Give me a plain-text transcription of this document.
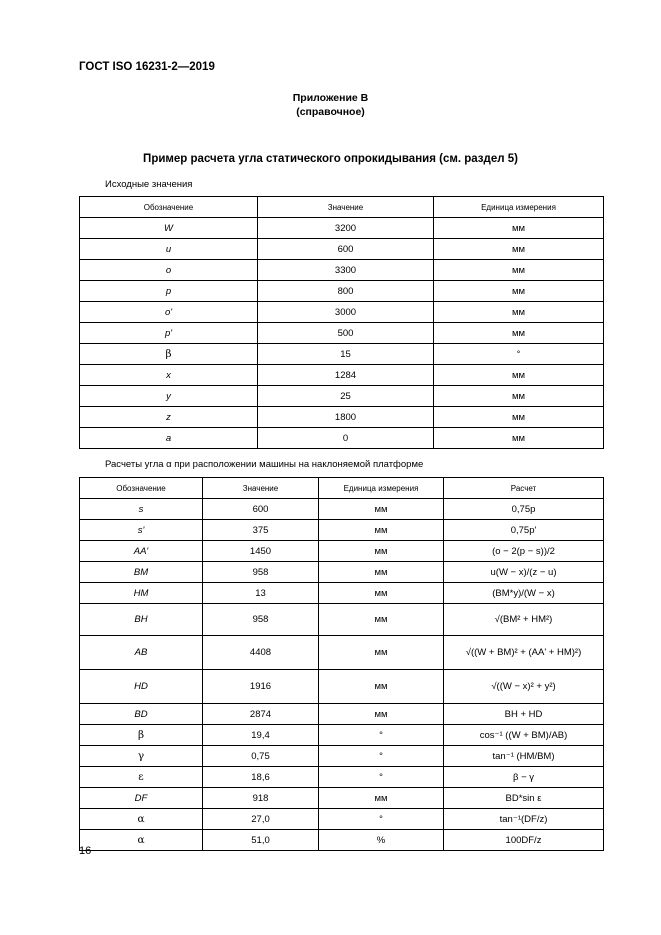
ГОСТ ISO 16231-2—2019
Приложение В
(справочное)
Пример расчета угла статического опрокидывания (см. раздел 5)
Исходные значения
Обозначение	Значение	Единица измерения
W	3200	мм
u	600	мм
o	3300	мм
p	800	мм
o'	3000	мм
p'	500	мм
β	15	°
x	1284	мм
y	25	мм
z	1800	мм
a	0	мм
Расчеты угла α при расположении машины на наклоняемой платформе
Обозначение	Значение	Единица измерения	Расчет
s	600	мм	0,75p
s'	375	мм	0,75p'
AA'	1450	мм	(o − 2(p − s))/2
BM	958	мм	u(W − x)/(z − u)
HM	13	мм	(BM*y)/(W − x)
BH	958	мм	√(BM² + HM²)
AB	4408	мм	√((W + BM)² + (AA' + HM)²)
HD	1916	мм	√((W − x)² + y²)
BD	2874	мм	BH + HD
β	19,4	°	cos⁻¹ ((W + BM)/AB)
γ	0,75	°	tan⁻¹ (HM/BM)
ε	18,6	°	β − γ
DF	918	мм	BD*sin ε
α	27,0	°	tan⁻¹(DF/z)
α	51,0	%	100DF/z
16
